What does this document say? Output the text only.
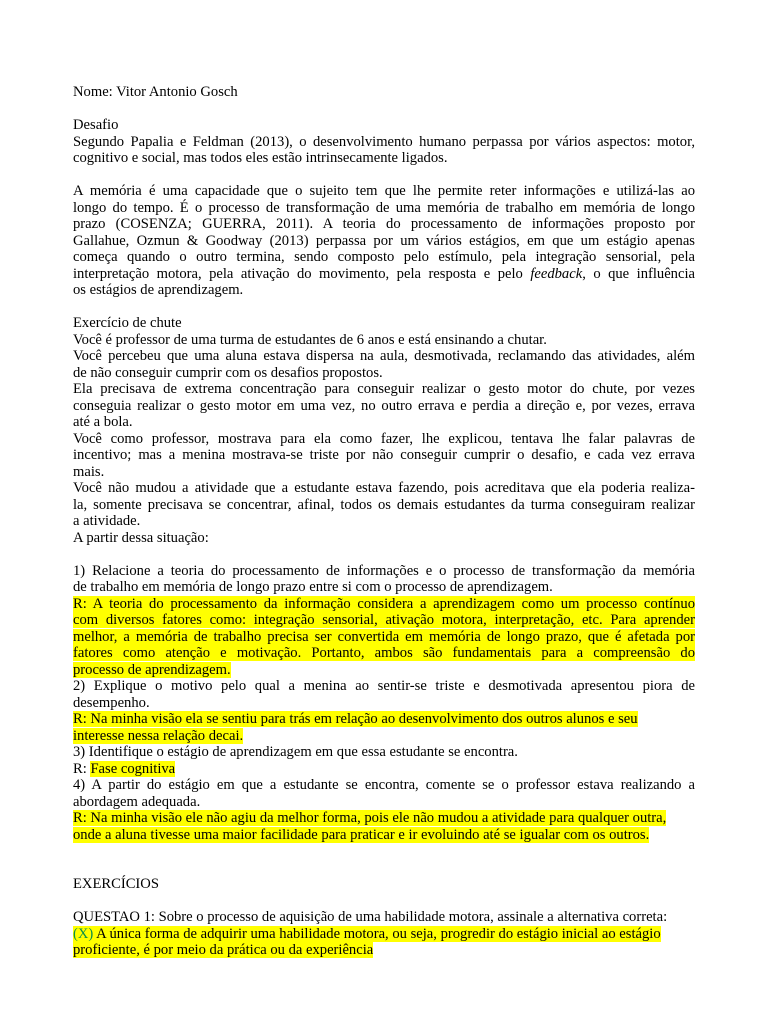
Nome: Vitor Antonio Gosch
Desafio
Segundo Papalia e Feldman (2013), o desenvolvimento humano perpassa por vários aspectos: motor,
cognitivo e social, mas todos eles estão intrinsecamente ligados.
A memória é uma capacidade que o sujeito tem que lhe permite reter informações e utilizá-las ao
longo do tempo. É o processo de transformação de uma memória de trabalho em memória de longo
prazo (COSENZA; GUERRA, 2011). A teoria do processamento de informações proposto por
Gallahue, Ozmun & Goodway (2013) perpassa por um vários estágios, em que um estágio apenas
começa quando o outro termina, sendo composto pelo estímulo, pela integração sensorial, pela
interpretação motora, pela ativação do movimento, pela resposta e pelo feedback, o que influência
os estágios de aprendizagem.
Exercício de chute
Você é professor de uma turma de estudantes de 6 anos e está ensinando a chutar.
Você percebeu que uma aluna estava dispersa na aula, desmotivada, reclamando das atividades, além
de não conseguir cumprir com os desafios propostos.
Ela precisava de extrema concentração para conseguir realizar o gesto motor do chute, por vezes
conseguia realizar o gesto motor em uma vez, no outro errava e perdia a direção e, por vezes, errava
até a bola.
Você como professor, mostrava para ela como fazer, lhe explicou, tentava lhe falar palavras de
incentivo; mas a menina mostrava-se triste por não conseguir cumprir o desafio, e cada vez errava
mais.
Você não mudou a atividade que a estudante estava fazendo, pois acreditava que ela poderia realiza-
la, somente precisava se concentrar, afinal, todos os demais estudantes da turma conseguiram realizar
a atividade.
A partir dessa situação:
1) Relacione a teoria do processamento de informações e o processo de transformação da memória
de trabalho em memória de longo prazo entre si com o processo de aprendizagem.
R: A teoria do processamento da informação considera a aprendizagem como um processo contínuo
com diversos fatores como: integração sensorial, ativação motora, interpretação, etc. Para aprender
melhor, a memória de trabalho precisa ser convertida em memória de longo prazo, que é afetada por
fatores como atenção e motivação. Portanto, ambos são fundamentais para a compreensão do
processo de aprendizagem.
2) Explique o motivo pelo qual a menina ao sentir-se triste e desmotivada apresentou piora de
desempenho.
R: Na minha visão ela se sentiu para trás em relação ao desenvolvimento dos outros alunos e seu
interesse nessa relação decai.
3) Identifique o estágio de aprendizagem em que essa estudante se encontra.
R: Fase cognitiva
4) A partir do estágio em que a estudante se encontra, comente se o professor estava realizando a
abordagem adequada.
R: Na minha visão ele não agiu da melhor forma, pois ele não mudou a atividade para qualquer outra,
onde a aluna tivesse uma maior facilidade para praticar e ir evoluindo até se igualar com os outros.
EXERCÍCIOS
QUESTAO 1: Sobre o processo de aquisição de uma habilidade motora, assinale a alternativa correta:
(X) A única forma de adquirir uma habilidade motora, ou seja, progredir do estágio inicial ao estágio
proficiente, é por meio da prática ou da experiência
